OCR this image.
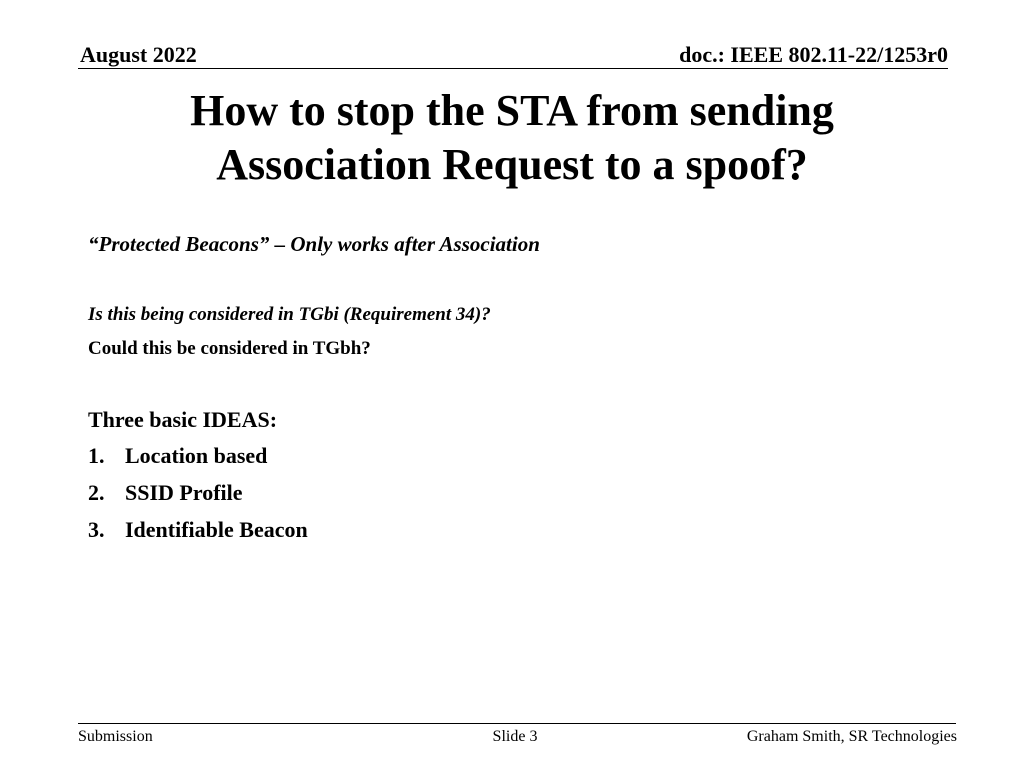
August 2022	doc.: IEEE 802.11-22/1253r0
How to stop the STA from sending
Association Request to a spoof?
“Protected Beacons” – Only works after Association
Is this being considered in TGbi (Requirement 34)?
Could this be considered in TGbh?
Three basic IDEAS:
1. Location based
2. SSID Profile
3. Identifiable Beacon
Submission	Slide 3	Graham Smith, SR Technologies
